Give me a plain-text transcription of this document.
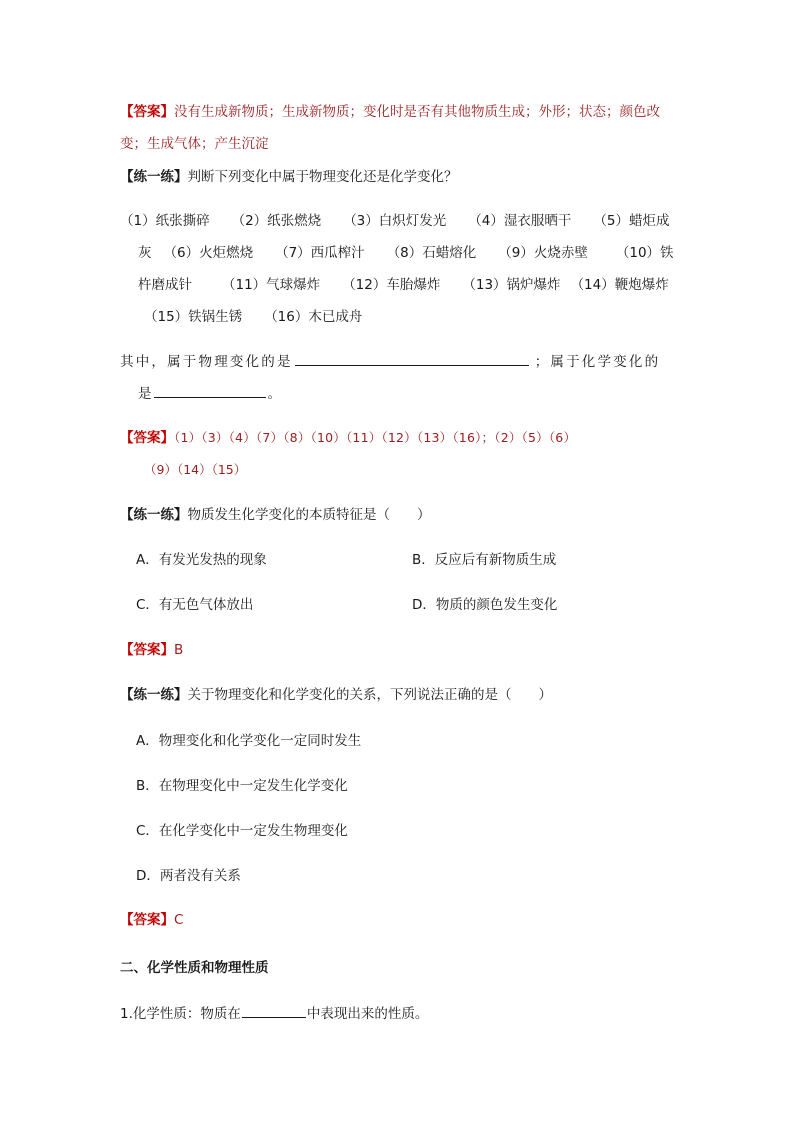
【答案】没有生成新物质；生成新物质；变化时是否有其他物质生成；外形；状态；颜色改
变；生成气体；产生沉淀
【练一练】判断下列变化中属于物理变化还是化学变化？
（1）纸张撕碎 （2）纸张燃烧 （3）白炽灯发光 （4）湿衣服晒干 （5）蜡炬成
灰 （6）火炬燃烧 （7）西瓜榨汁 （8）石蜡熔化 （9）火烧赤壁 （10）铁
杵磨成针 （11）气球爆炸 （12）车胎爆炸 （13）锅炉爆炸 （14）鞭炮爆炸
（15）铁锅生锈 （16）木已成舟
其中，属于物理变化的是	；属于化学变化的
是	。
【答案】（1）（3）（4）（7）（8）（10）（11）（12）（13）（16）；（2）（5）（6）
（9）（14）（15）
【练一练】物质发生化学变化的本质特征是（　　）
A．有发光发热的现象	B．反应后有新物质生成
C．有无色气体放出	D．物质的颜色发生变化
【答案】B
【练一练】关于物理变化和化学变化的关系，下列说法正确的是（　　）
A．物理变化和化学变化一定同时发生
B．在物理变化中一定发生化学变化
C．在化学变化中一定发生物理变化
D．两者没有关系
【答案】C
二、化学性质和物理性质
1.化学性质：物质在	中表现出来的性质。
